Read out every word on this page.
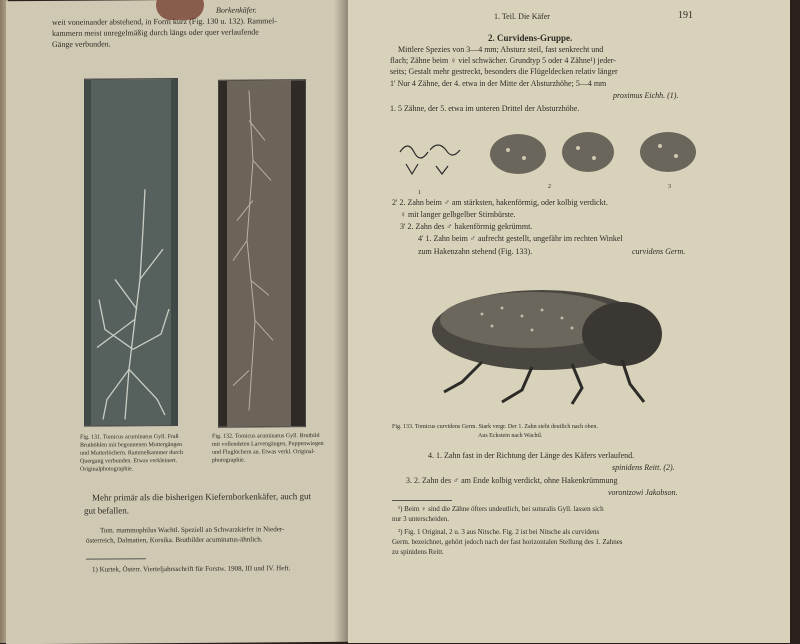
Borkenkäfer.

weit voneinander abstehend, in Form kurz (Fig. 130 u. 132). Rammel-

kammern meist unregelmäßig durch längs oder quer verlaufende

Gänge verbunden.

Fig. 131. Tomicus acuminatus Gyll. Fraß

Bruthöhlen mit begonnenen Muttergängen

und Mutterlöchern. Rammelkammer durch

Quergang verbunden. Etwas verkleinert.

Originalphotographie.

Fig. 132. Tomicus acuminatus Gyll. Brutbild

mit vollendeten Larvengängen, Puppenwiegen

und Fluglöchern an. Etwas verkl. Original-

photographie.

Mehr primär als die bisherigen Kiefernborkenkäfer, auch gut

gut befallen.

Tom. mammophilus Wachtl. Speziell an Schwarzkiefer in Nieder-

österreich, Dalmatien, Korsika. Brutbilder acuminatus-ähnlich.

1) Kurtek, Österr. Vierteljahrsschrift für Forstw. 1908, III und IV. Heft.

1. Teil. Die Käfer	191

2. Curvidens-Gruppe.

Mittlere Spezies von 3—4 mm; Absturz steil, fast senkrecht und

flach; Zähne beim ♀ viel schwächer. Grundtyp 5 oder 4 Zähne¹) jeder-

seits; Gestalt mehr gestreckt, besonders die Flügeldecken relativ länger

1' Nur 4 Zähne, der 4. etwa in der Mitte der Absturzhöhe; 5—4 mm

proximus Eichh. (1).

1. 5 Zähne, der 5. etwa im unteren Drittel der Absturzhöhe.

1

2	3

2' 2. Zahn beim ♂ am stärksten, hakenförmig, oder kolbig verdickt.

♀ mit langer gelbgelber Stirnbürste.

3' 2. Zahn des ♂ hakenförmig gekrümmt.

4' 1. Zahn beim ♂ aufrecht gestellt, ungefähr im rechten Winkel

zum Hakenzahn stehend (Fig. 133).	curvidens Germ.

Fig. 133. Tomicus curvidens Germ. Stark vergr. Der 1. Zahn steht deutlich nach oben.

Aus Eckstein nach Wachtl.

4. 1. Zahn fast in der Richtung der Länge des Käfers verlaufend.

spinidens Reitt. (2).

3. 2. Zahn des ♂ am Ende kolbig verdickt, ohne Hakenkrümmung

vorontzowi Jakobson.

¹) Beim ♀ sind die Zähne öfters undeutlich, bei suturalis Gyll. lassen sich

nur 3 unterscheiden.

²) Fig. 1 Original, 2 u. 3 aus Nitsche. Fig. 2 ist bei Nitsche als curvidens

Germ. bezeichnet, gehört jedoch nach der fast horizontalen Stellung des 1. Zahnes

zu spinidens Reitt.
